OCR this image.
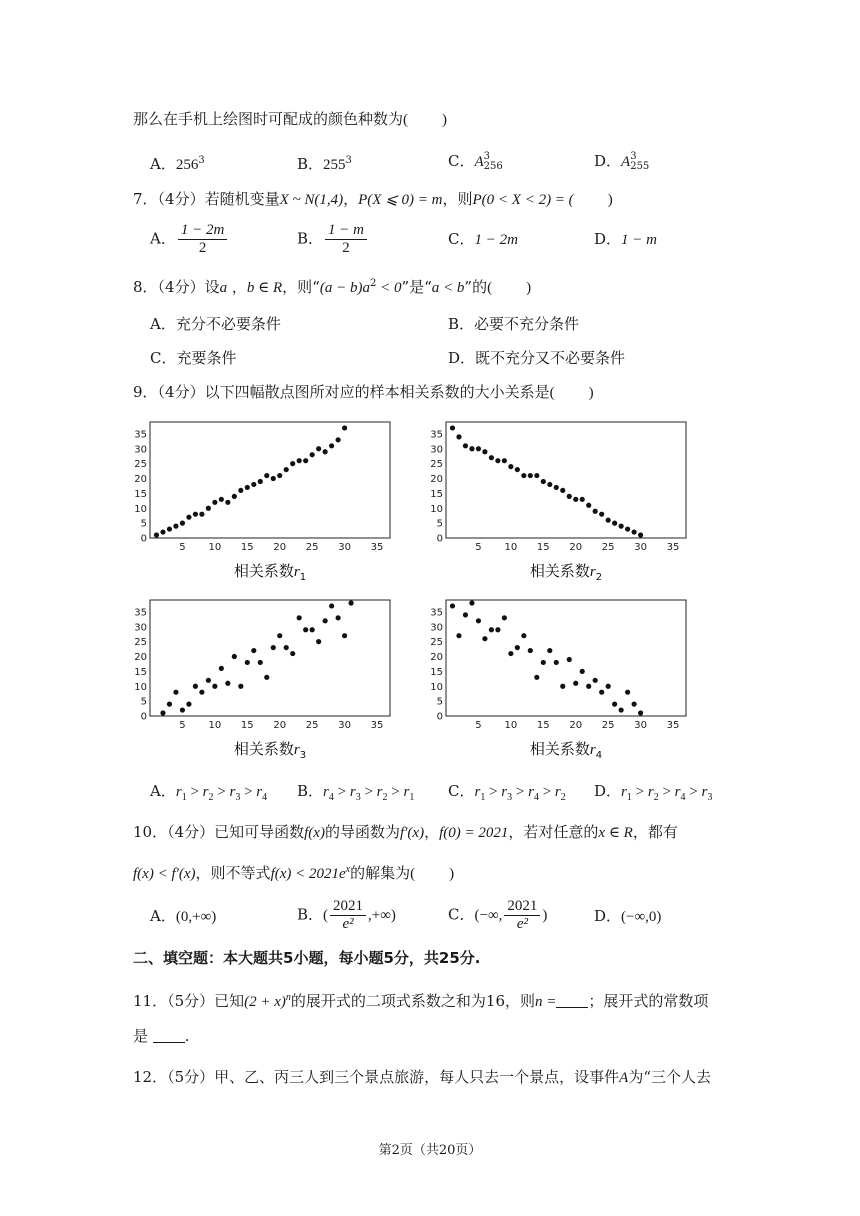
那么在手机上绘图时可配成的颜色种数为( )
A．$256^3$	B．$255^3$	C．A 3
256	D．A 3
255
7．（4分）若随机变量X ~ N(1,4)，P(X ⩽ 0) = m，则P(0 < X < 2) = ( )
A． $\frac{1 - 2m}{2}$	B． $\frac{1 - m}{2}$	C．1 − 2m	D．1 − m
8．（4分）设a ，b ∈ R，则“$(a - b)a^2 < 0$”是“a < b”的( )
A．充分不必要条件	B．必要不充分条件
C．充要条件	D．既不充分又不必要条件
9．（4分）以下四幅散点图所对应的样本相关系数的大小关系是( )
0
5
10
15
20
25
30
35
5 10 15 20 25 30 35
相关系数$r_1$
0
5
10
15
20
25
30
35
5 10 15 20 25 30 35
相关系数$r_2$
0
5
10
15
20
25
30
35
5 10 15 20 25 30 35
相关系数$r_3$
0
5
10
15
20
25
30
35
5 10 15 20 25 30 35
相关系数$r_4$
A．$r_1 > r_2 > r_3 > r_4$ B．$r_4 > r_3 > r_2 > r_1$ C．$r_1 > r_3 > r_4 > r_2$ D．$r_1 > r_2 > r_4 > r_3$
10．（4分）已知可导函数f(x)的导函数为f′(x)，f(0) = 2021，若对任意的x ∈ R，都有
f(x) < f′(x)，则不等式$f(x) < 2021e^x$的解集为( )
A．(0,+∞)	B．( $\frac{2021}{\text{e²}}$ ,+∞)	C．(−∞, $\frac{2021}{\text{e²}}$ )	D．(−∞,0)
二、填空题：本大题共5小题，每小题5分，共25分.
11．（5分）已知$(2 + x)^n$的展开式的二项式系数之和为16，则n = ；展开式的常数项
是 .
12．（5分）甲、乙、丙三人到三个景点旅游，每人只去一个景点，设事件A为“三个人去
第2页（共20页）
